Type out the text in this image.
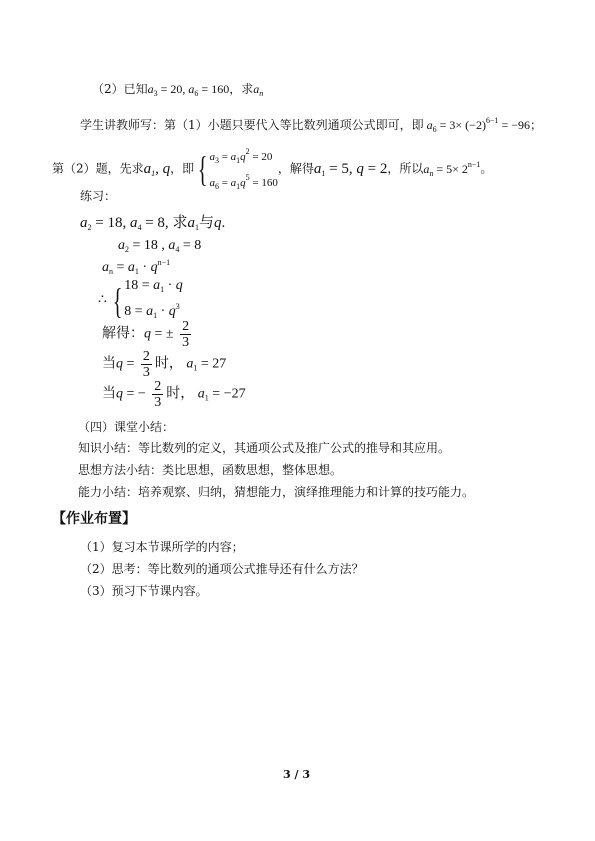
（2）已知$a_3 = 20$, $a_6 = 160$，求$a_n$
学生讲教师写：第（1）小题只要代入等比数列通项公式即可，即 $a_6 = 3\times (-2)^{6-1} = -96$；
第（2）题，先求$a_1$, q，即 { $a_3 = a_1q^2 = 20$
$a_6 = a_1q^5 = 160$
，解得$a_1 = 5$, q = 2，所以$a_n = 5\times 2^{n-1}$。
练习：
$a_2 = 18$, $a_4 = 8$, 求$a_1$与q.
$a_2 = 18$ , $a_4 = 8$
$a_n = a_1 \cdot q^{n-1}$
∴ { $18 = a_1 \cdot q$
$8 = a_1 \cdot q^3$
解得：q = ± $\frac{2}{3}$
当$q = \frac{2}{3}$ 时， $a_1 = 27$
当q = − $\frac{2}{3}$ 时， $a_1 = -27$
（四）课堂小结：
知识小结：等比数列的定义，其通项公式及推广公式的推导和其应用。
思想方法小结：类比思想，函数思想，整体思想。
能力小结：培养观察、归纳，猜想能力，演绎推理能力和计算的技巧能力。
【作业布置】
（1）复习本节课所学的内容；
（2）思考：等比数列的通项公式推导还有什么方法？
（3）预习下节课内容。
3 / 3
